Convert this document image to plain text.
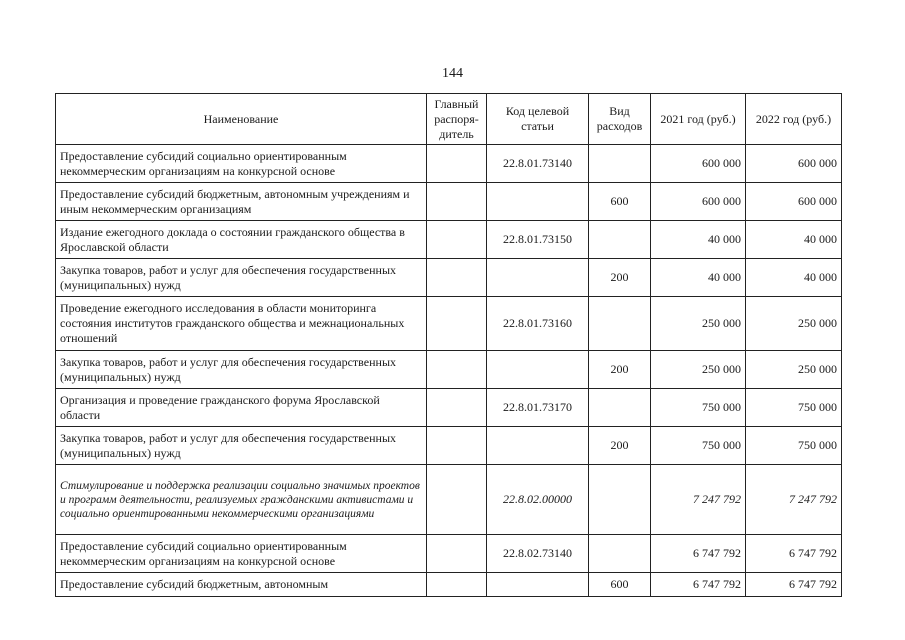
144
Наименование	Главный распоря-дитель	Код целевой статьи	Вид расходов	2021 год (руб.)	2022 год (руб.)
Предоставление субсидий социально ориентированным некоммерческим организациям на конкурсной основе		22.8.01.73140		600 000	600 000
Предоставление субсидий бюджетным, автономным учреждениям и иным некоммерческим организациям			600	600 000	600 000
Издание ежегодного доклада о состоянии гражданского общества в Ярославской области		22.8.01.73150		40 000	40 000
Закупка товаров, работ и услуг для обеспечения государственных (муниципальных) нужд			200	40 000	40 000
Проведение ежегодного исследования в области мониторинга состояния институтов гражданского общества и межнациональных отношений		22.8.01.73160		250 000	250 000
Закупка товаров, работ и услуг для обеспечения государственных (муниципальных) нужд			200	250 000	250 000
Организация и проведение гражданского форума Ярославской области		22.8.01.73170		750 000	750 000
Закупка товаров, работ и услуг для обеспечения государственных (муниципальных) нужд			200	750 000	750 000
Стимулирование и поддержка реализации социально значимых проектов и программ деятельности, реализуемых гражданскими активистами и социально ориентированными некоммерческими организациями		22.8.02.00000		7 247 792	7 247 792
Предоставление субсидий социально ориентированным некоммерческим организациям на конкурсной основе		22.8.02.73140		6 747 792	6 747 792
Предоставление субсидий бюджетным, автономным			600	6 747 792	6 747 792
